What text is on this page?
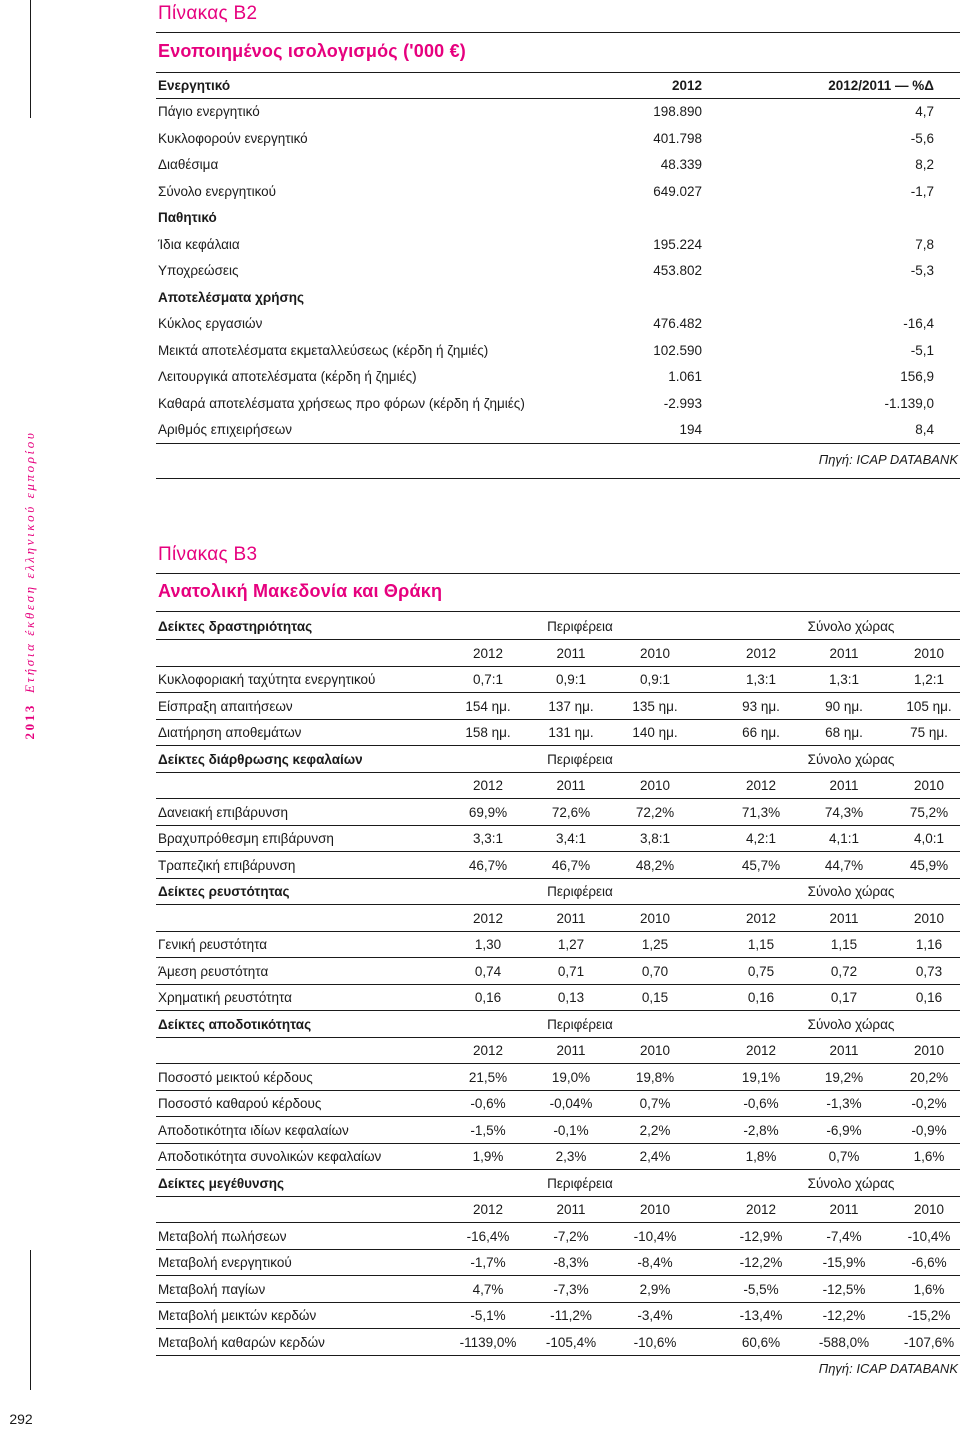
2013Ετήσια έκθεση ελληνικού εμπορίου
292
Πίνακας Β2
Ενοποιημένος ισολογισμός ('000 €)
Ενεργητικό	2012	2012/2011 — %Δ
Πάγιο ενεργητικό	198.890	4,7
Κυκλοφορούν ενεργητικό	401.798	-5,6
Διαθέσιμα	48.339	8,2
Σύνολο ενεργητικού	649.027	-1,7
Παθητικό
Ίδια κεφάλαια	195.224	7,8
Υποχρεώσεις	453.802	-5,3
Αποτελέσματα χρήσης
Κύκλος εργασιών	476.482	-16,4
Μεικτά αποτελέσματα εκμεταλλεύσεως (κέρδη ή ζημιές)	102.590	-5,1
Λειτουργικά αποτελέσματα (κέρδη ή ζημιές)	1.061	156,9
Καθαρά αποτελέσματα χρήσεως προ φόρων (κέρδη ή ζημιές)	-2.993	-1.139,0
Αριθμός επιχειρήσεων	194	8,4
Πηγή: ICAP DATABANK
Πίνακας Β3
Ανατολική Μακεδονία και Θράκη
Δείκτες δραστηριότητας	Περιφέρεια	Σύνολο χώρας
2012	2011	2010	2012	2011	2010
Κυκλοφοριακή ταχύτητα ενεργητικού	0,7:1	0,9:1	0,9:1	1,3:1	1,3:1	1,2:1
Είσπραξη απαιτήσεων	154 ημ.	137 ημ.	135 ημ.	93 ημ.	90 ημ.	105 ημ.
Διατήρηση αποθεμάτων	158 ημ.	131 ημ.	140 ημ.	66 ημ.	68 ημ.	75 ημ.
Δείκτες διάρθρωσης κεφαλαίων	Περιφέρεια	Σύνολο χώρας
2012	2011	2010	2012	2011	2010
Δανειακή επιβάρυνση	69,9%	72,6%	72,2%	71,3%	74,3%	75,2%
Βραχυπρόθεσμη επιβάρυνση	3,3:1	3,4:1	3,8:1	4,2:1	4,1:1	4,0:1
Τραπεζική επιβάρυνση	46,7%	46,7%	48,2%	45,7%	44,7%	45,9%
Δείκτες ρευστότητας	Περιφέρεια	Σύνολο χώρας
2012	2011	2010	2012	2011	2010
Γενική ρευστότητα	1,30	1,27	1,25	1,15	1,15	1,16
Άμεση ρευστότητα	0,74	0,71	0,70	0,75	0,72	0,73
Χρηματική ρευστότητα	0,16	0,13	0,15	0,16	0,17	0,16
Δείκτες αποδοτικότητας	Περιφέρεια	Σύνολο χώρας
2012	2011	2010	2012	2011	2010
Ποσοστό μεικτού κέρδους	21,5%	19,0%	19,8%	19,1%	19,2%	20,2%
Ποσοστό καθαρού κέρδους	-0,6%	-0,04%	0,7%	-0,6%	-1,3%	-0,2%
Αποδοτικότητα ιδίων κεφαλαίων	-1,5%	-0,1%	2,2%	-2,8%	-6,9%	-0,9%
Αποδοτικότητα συνολικών κεφαλαίων	1,9%	2,3%	2,4%	1,8%	0,7%	1,6%
Δείκτες μεγέθυνσης	Περιφέρεια	Σύνολο χώρας
2012	2011	2010	2012	2011	2010
Μεταβολή πωλήσεων	-16,4%	-7,2%	-10,4%	-12,9%	-7,4%	-10,4%
Μεταβολή ενεργητικού	-1,7%	-8,3%	-8,4%	-12,2%	-15,9%	-6,6%
Μεταβολή παγίων	4,7%	-7,3%	2,9%	-5,5%	-12,5%	1,6%
Μεταβολή μεικτών κερδών	-5,1%	-11,2%	-3,4%	-13,4%	-12,2%	-15,2%
Μεταβολή καθαρών κερδών	-1139,0%	-105,4%	-10,6%	60,6%	-588,0%	-107,6%
Πηγή: ICAP DATABANK
